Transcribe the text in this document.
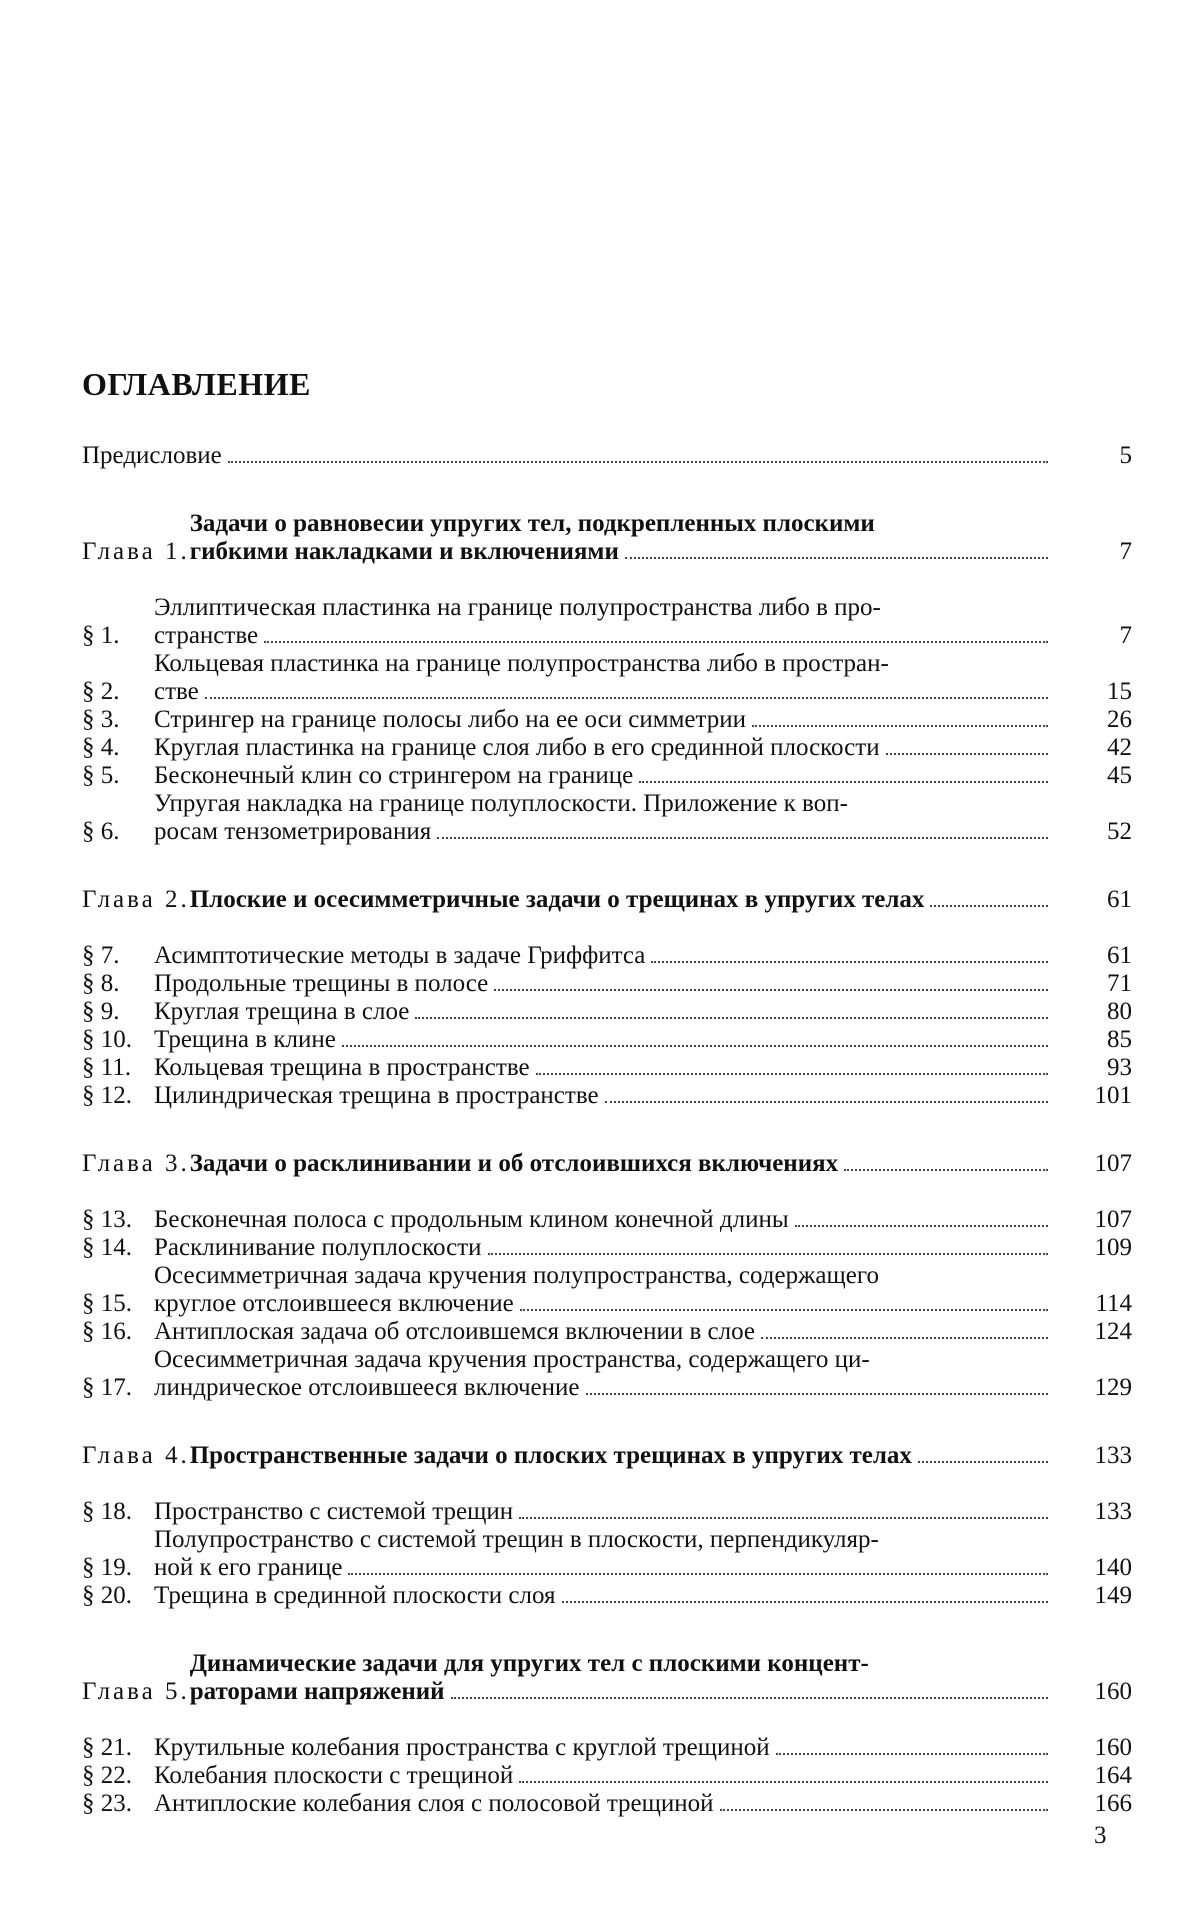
ОГЛАВЛЕНИЕ
Предисловие	5
Глава 1.
Задачи о равновесии упругих тел, подкрепленных плоскими
гибкими накладками и включениями	7
§ 1.
Эллиптическая пластинка на границе полупространства либо в про-
странстве	7
§ 2.
Кольцевая пластинка на границе полупространства либо в простран-
стве	15
§ 3.	Стрингер на границе полосы либо на ее оси симметрии	26
§ 4.	Круглая пластинка на границе слоя либо в его срединной плоскости	42
§ 5.	Бесконечный клин со стрингером на границе	45
§ 6.
Упругая накладка на границе полуплоскости. Приложение к воп-
росам тензометрирования	52
Глава 2. Плоские и осесимметричные задачи о трещинах в упругих телах	61
§ 7.	Асимптотические методы в задаче Гриффитса	61
§ 8.	Продольные трещины в полосе	71
§ 9.	Круглая трещина в слое	80
§ 10. Трещина в клине	85
§ 11. Кольцевая трещина в пространстве	93
§ 12. Цилиндрическая трещина в пространстве	101
Глава 3. Задачи о расклинивании и об отслоившихся включениях	107
§ 13. Бесконечная полоса с продольным клином конечной длины	107
§ 14. Расклинивание полуплоскости	109
§ 15.
Осесимметричная задача кручения полупространства, содержащего
круглое отслоившееся включение	114
§ 16. Антиплоская задача об отслоившемся включении в слое	124
§ 17.
Осесимметричная задача кручения пространства, содержащего ци-
линдрическое отслоившееся включение	129
Глава 4. Пространственные задачи о плоских трещинах в упругих телах	133
§ 18. Пространство с системой трещин	133
§ 19.
Полупространство с системой трещин в плоскости, перпендикуляр-
ной к его границе	140
§ 20. Трещина в срединной плоскости слоя	149
Глава 5.
Динамические задачи для упругих тел с плоскими концент-
раторами напряжений	160
§ 21. Крутильные колебания пространства с круглой трещиной	160
§ 22. Колебания плоскости с трещиной	164
§ 23. Антиплоские колебания слоя с полосовой трещиной	166
3
